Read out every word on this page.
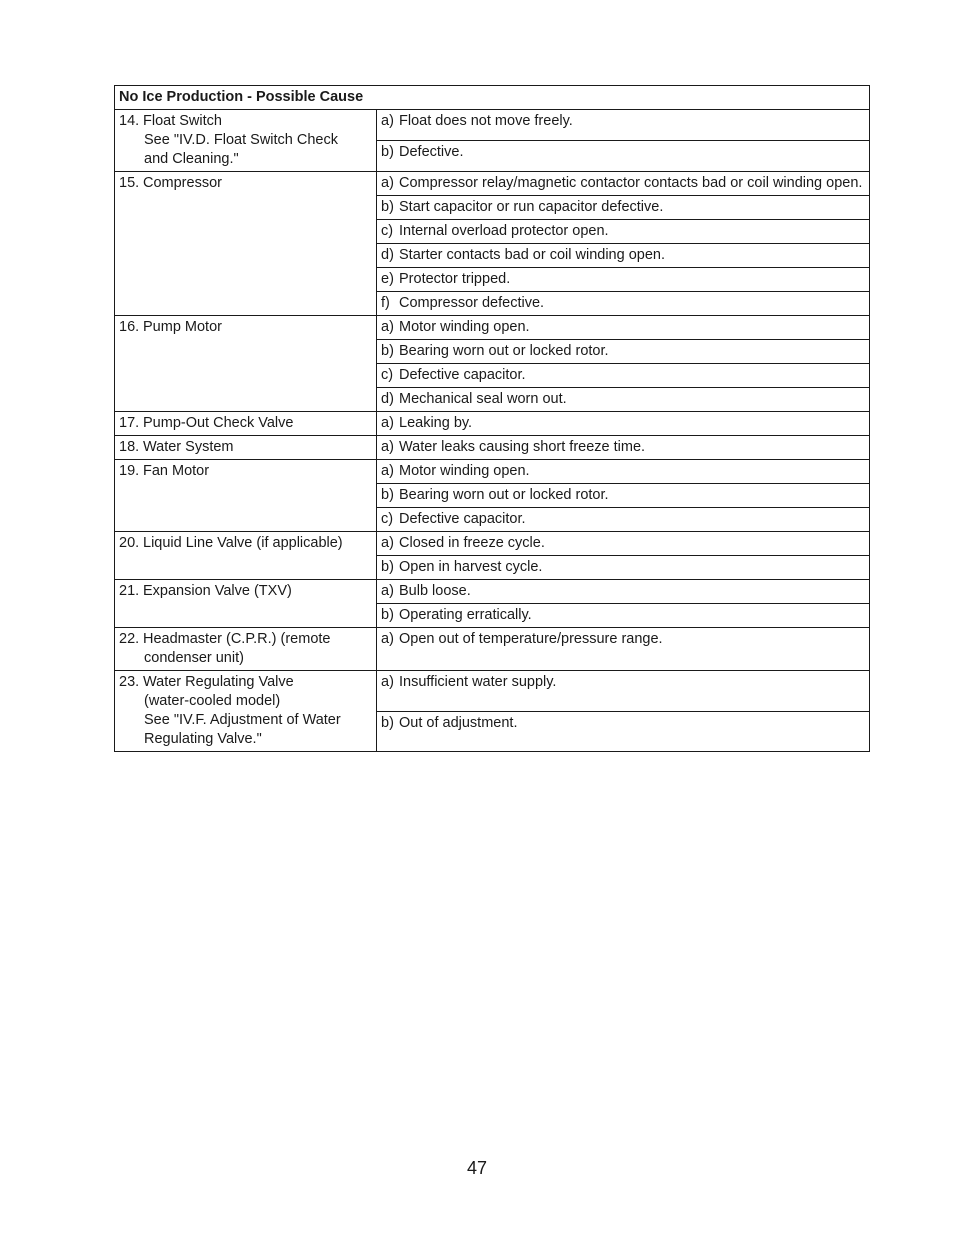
No Ice Production - Possible Cause	

14. Float Switch
See "IV.D. Float Switch Check
and Cleaning."	a) Float does not move freely.

	b) Defective.

15. Compressor	a) Compressor relay/magnetic contactor contacts bad or coil winding open.

	b) Start capacitor or run capacitor defective.

	c) Internal overload protector open.

	d) Starter contacts bad or coil winding open.

	e) Protector tripped.

	f) Compressor defective.

16. Pump Motor	a) Motor winding open.

	b) Bearing worn out or locked rotor.

	c) Defective capacitor.

	d) Mechanical seal worn out.

17. Pump-Out Check Valve	a) Leaking by.

18. Water System	a) Water leaks causing short freeze time.

19. Fan Motor	a) Motor winding open.

	b) Bearing worn out or locked rotor.

	c) Defective capacitor.

20. Liquid Line Valve (if applicable)	a) Closed in freeze cycle.

	b) Open in harvest cycle.

21. Expansion Valve (TXV)	a) Bulb loose.

	b) Operating erratically.

22. Headmaster (C.P.R.) (remote
condenser unit)	a) Open out of temperature/pressure range.

23. Water Regulating Valve
(water-cooled model)
See "IV.F. Adjustment of Water
Regulating Valve."	a) Insufficient water supply.

	b) Out of adjustment.
47
